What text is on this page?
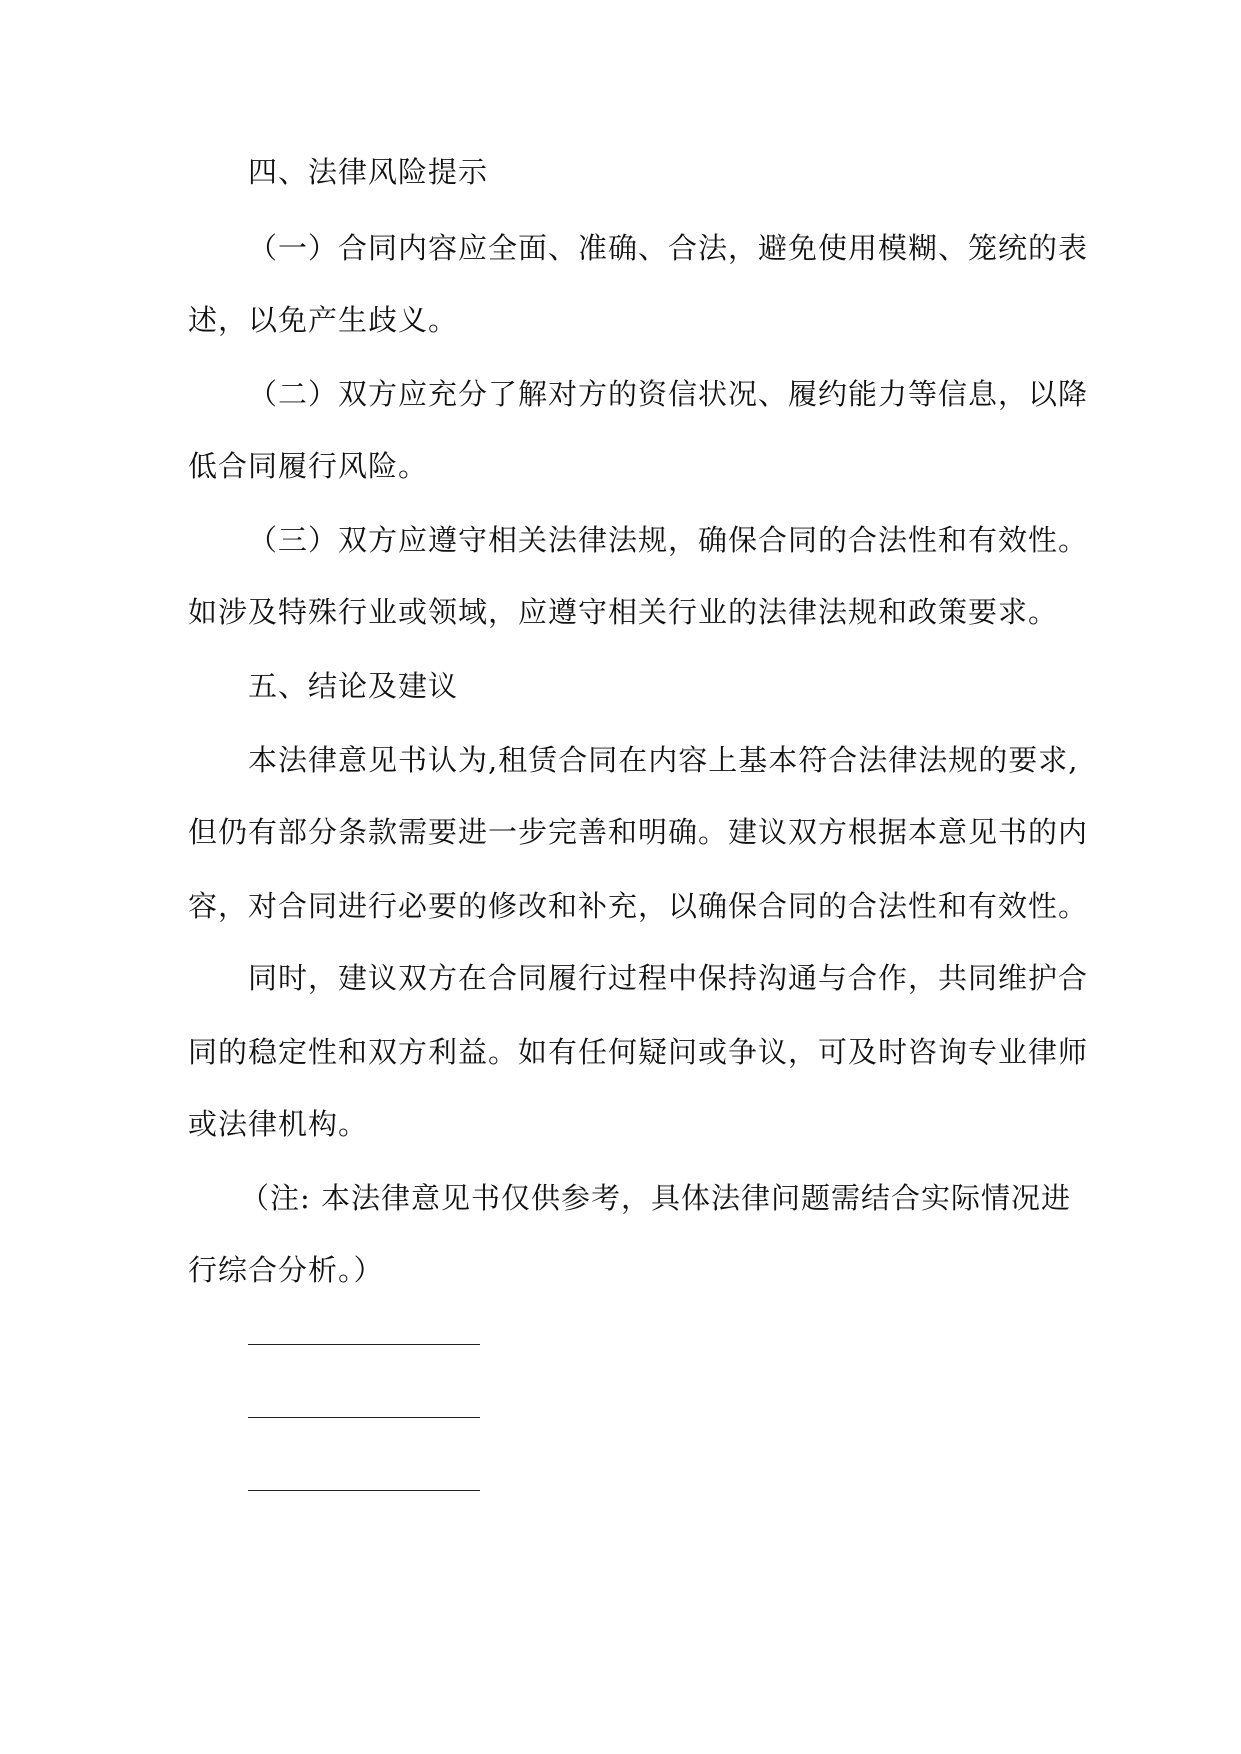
四、法律风险提示
（一）合同内容应全面、准确、合法，避免使用模糊、笼统的表
述，以免产生歧义。
（二）双方应充分了解对方的资信状况、履约能力等信息，以降
低合同履行风险。
（三）双方应遵守相关法律法规，确保合同的合法性和有效性。
如涉及特殊行业或领域，应遵守相关行业的法律法规和政策要求。
五、结论及建议
本法律意见书认为,租赁合同在内容上基本符合法律法规的要求,
但仍有部分条款需要进一步完善和明确。建议双方根据本意见书的内
容，对合同进行必要的修改和补充，以确保合同的合法性和有效性。
同时，建议双方在合同履行过程中保持沟通与合作，共同维护合
同的稳定性和双方利益。如有任何疑问或争议，可及时咨询专业律师
或法律机构。
（注: 本法律意见书仅供参考，具体法律问题需结合实际情况进
行综合分析。）
